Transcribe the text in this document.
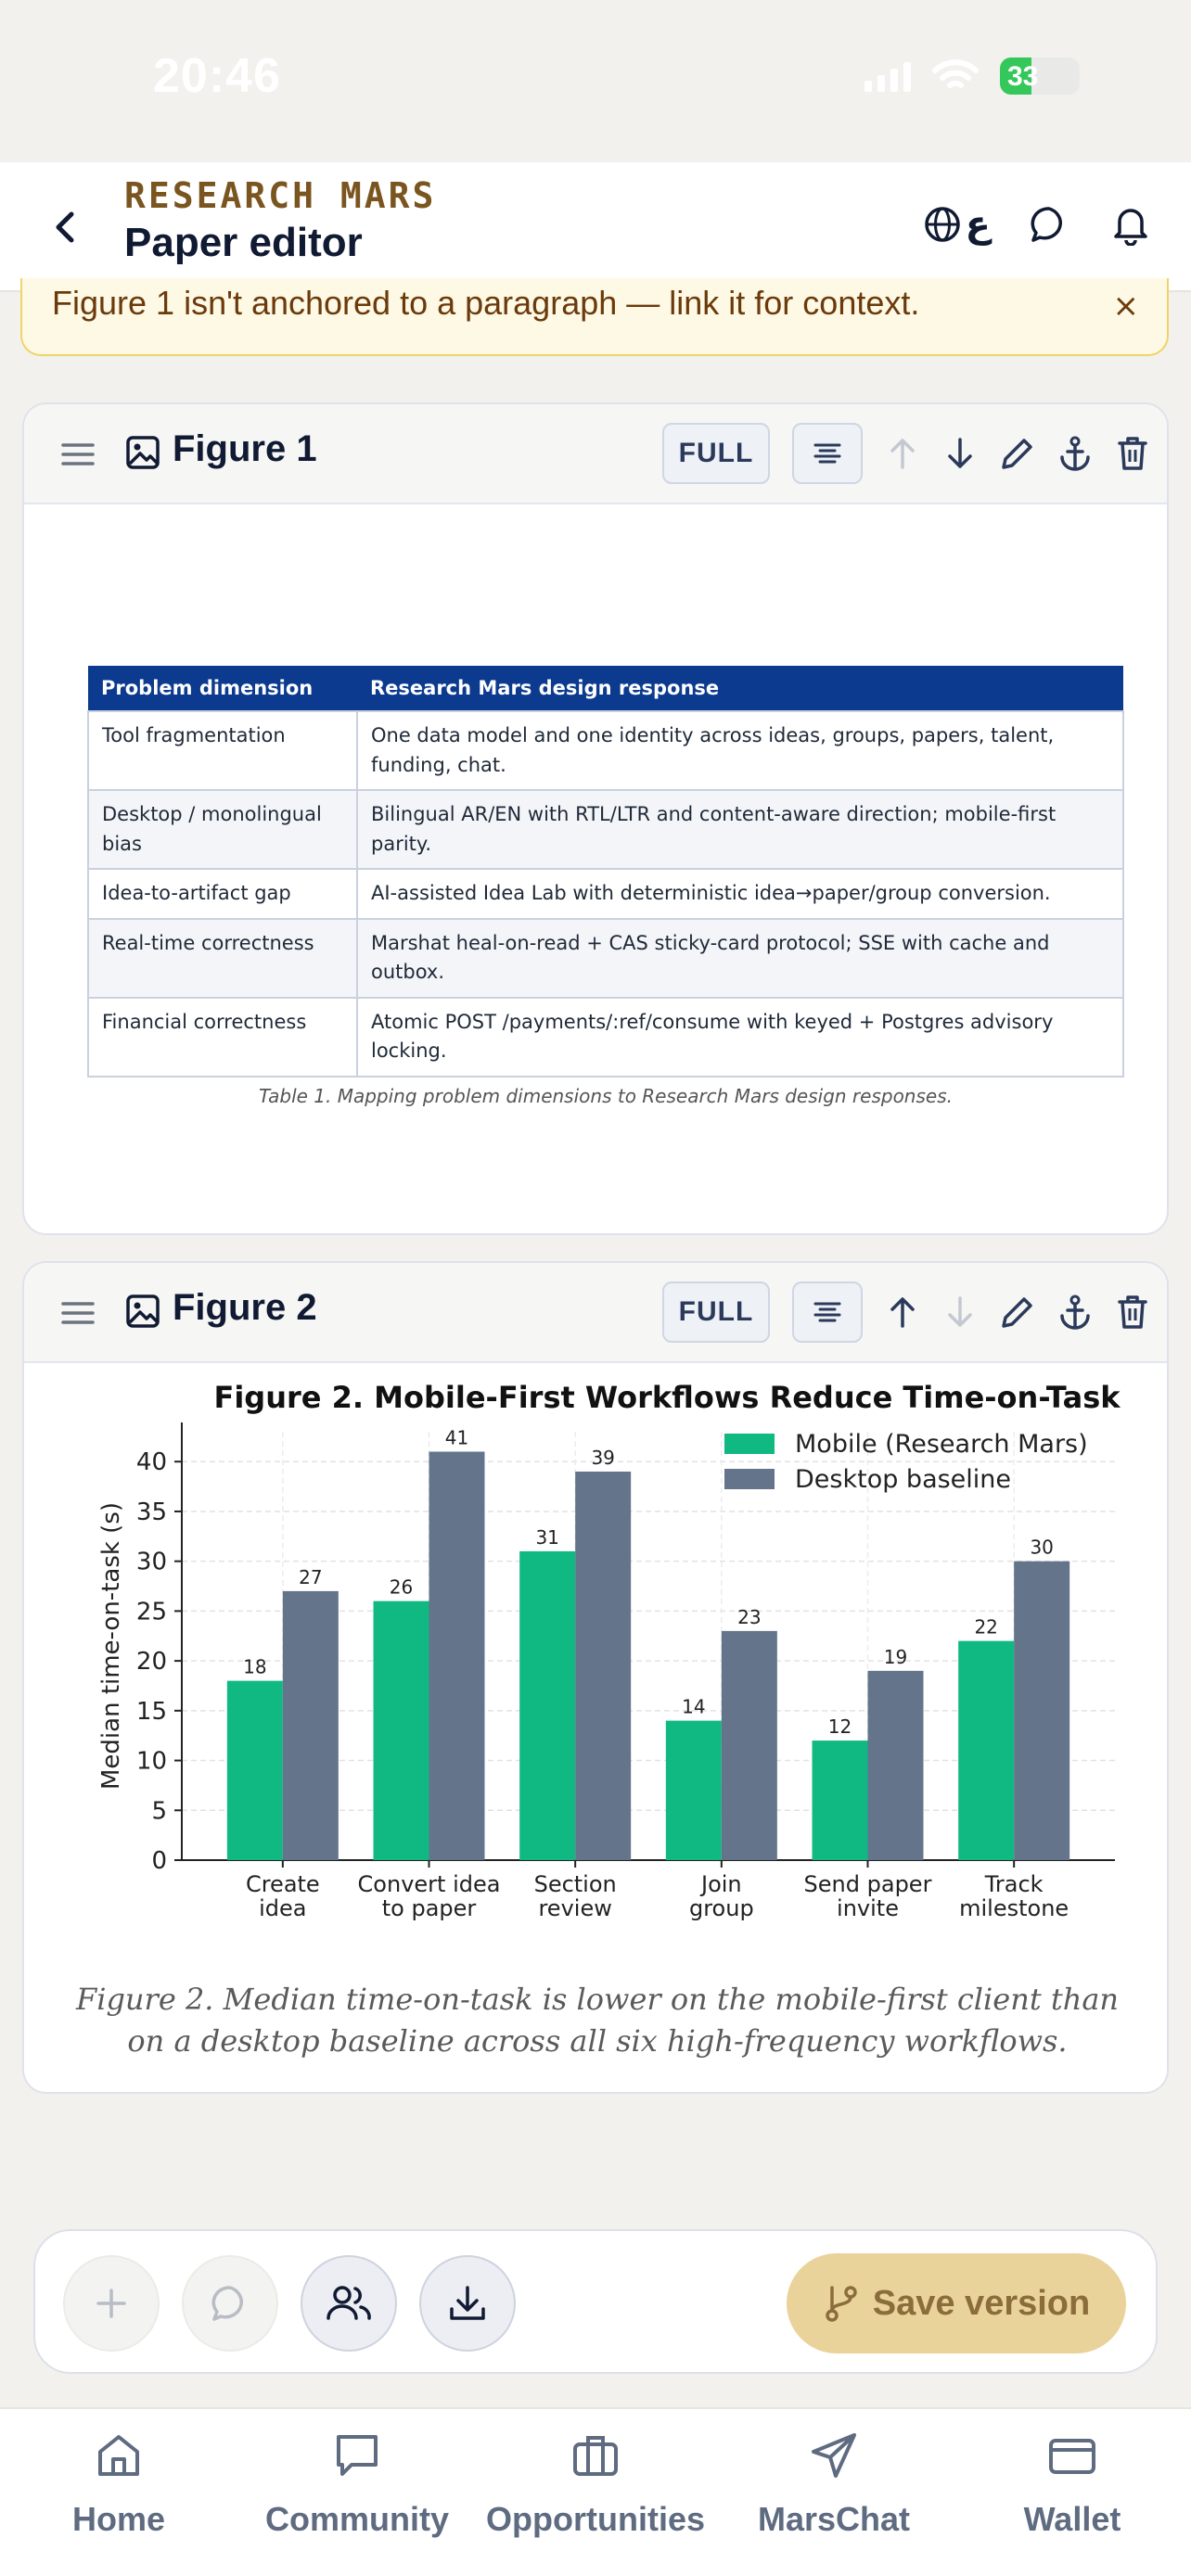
20:46	33
RESEARCH MARS
Paper editor	ع
Figure 1 isn't anchored to a paragraph — link it for context.	×
Figure 1	FULL
Problem dimension	Research Mars design response
Tool fragmentation	One data model and one identity across ideas, groups, papers, talent, funding, chat.
Desktop / monolingual bias	Bilingual AR/EN with RTL/LTR and content-aware direction; mobile-first parity.
Idea-to-artifact gap	AI-assisted Idea Lab with deterministic idea→paper/group conversion.
Real-time correctness	Marshat heal-on-read + CAS sticky-card protocol; SSE with cache and outbox.
Financial correctness	Atomic POST /payments/:ref/consume with keyed + Postgres advisory locking.
Table 1. Mapping problem dimensions to Research Mars design responses.
Figure 2	FULL
Figure 2. Mobile-First Workflows Reduce Time-on-Task
0
5
10
15
20
25
30
35
40
Median time-on-task (s)	18
26
31
14
12
22
27
41
39
23
19
30
Create
idea
Convert idea
to paper
Section
review
Join
group
Send paper
invite
Track
milestone
Mobile (Research Mars)
Desktop baseline
Figure 2. Median time-on-task is lower on the mobile-first client than on a desktop baseline across all six high-frequency workflows.
Save version
Home	Community	Opportunities	MarsChat	Wallet
